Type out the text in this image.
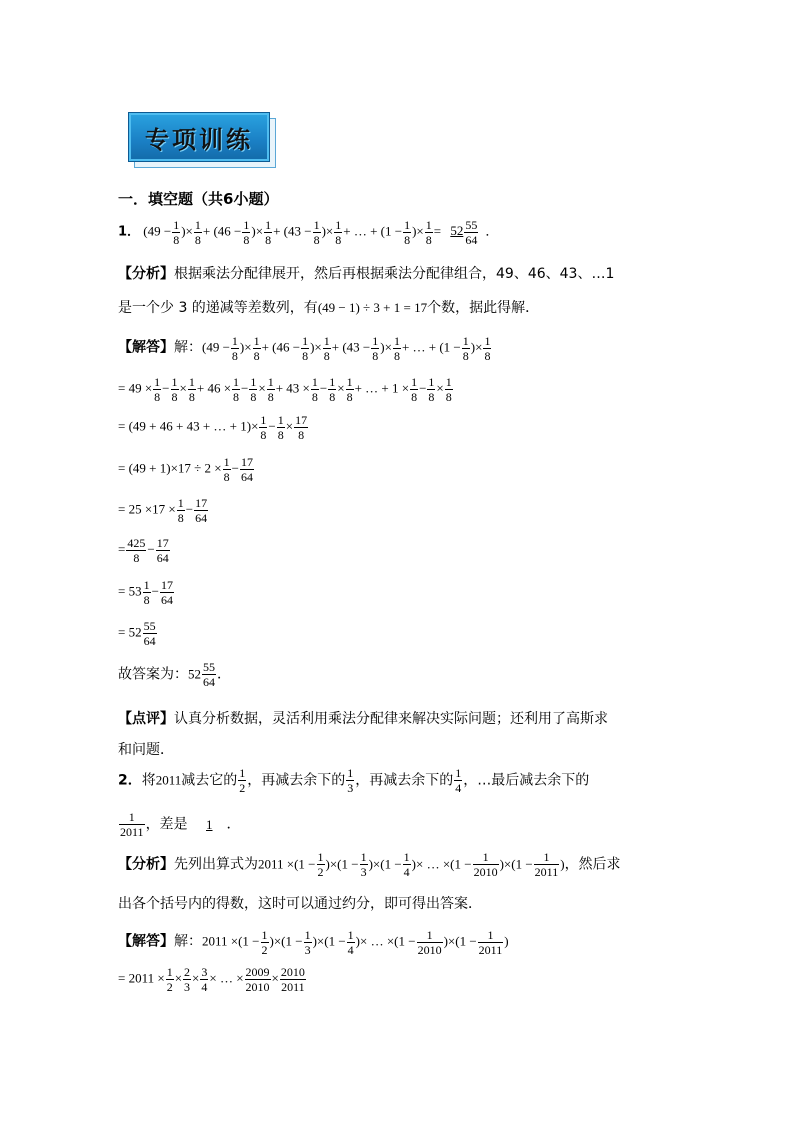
专项训练
一．填空题（共6小题）
1． ($49 - \frac{1}{8}$ )× $\frac{1}{8} + (46 - \frac{1}{8}$ )× $\frac{1}{8} + (43 - \frac{1}{8}$ )× $\frac{1}{8}$ + … + ($1 - \frac{1}{8}$ )× $\frac{1}{8} = 52 \frac{55}{64}$ ．
【分析】根据乘法分配律展开，然后再根据乘法分配律组合，49、46、43、…1
是一个少 3 的递减等差数列，有(49 − 1) ÷ 3 + 1 = 17个数，据此得解．
【解答】解：($49 - \frac{1}{8}$ )× $\frac{1}{8} + (46 - \frac{1}{8}$ )× $\frac{1}{8} + (43 - \frac{1}{8}$ )× $\frac{1}{8}$ + … + ($1 - \frac{1}{8}$ )× $\frac{1}{8}$
= $49 \times \frac{1}{8} - \frac{1}{8} \times \frac{1}{8} + 46 \times \frac{1}{8} - \frac{1}{8} \times \frac{1}{8} + 43 \times \frac{1}{8} - \frac{1}{8} \times \frac{1}{8}$ + … + $1 \times \frac{1}{8} - \frac{1}{8} \times \frac{1}{8}$
= (49 + 46 + 43 + … + $1)\times \frac{1}{8} - \frac{1}{8} \times \frac{17}{8}$
= $(49 + 1)\times 17 \div 2 \times \frac{1}{8} - \frac{17}{64}$
= $25 \times 17 \times \frac{1}{8} - \frac{17}{64}$
= $\frac{425}{8} - \frac{17}{64}$
= $53 \frac{1}{8} - \frac{17}{64}$
= $52 \frac{55}{64}$
故答案为：$52 \frac{55}{64}$ ．
【点评】认真分析数据，灵活利用乘法分配律来解决实际问题；还利用了高斯求
和问题．
2．将2011减去它的 $\frac{1}{2}$ ，再减去余下的 $\frac{1}{3}$ ，再减去余下的 $\frac{1}{4}$ ，…最后减去余下的
$\frac{1}{2011}$ ，差是 1 ．
【分析】先列出算式为$2011 \times(1 - \frac{1}{2} )\times(1 - \frac{1}{3} )\times(1 - \frac{1}{4}$ )× … $\times(1 - \frac{1}{2010} )\times(1 - \frac{1}{2011}$ )，然后求
出各个括号内的得数，这时可以通过约分，即可得出答案．
【解答】解：$2011 \times(1 - \frac{1}{2} )\times(1 - \frac{1}{3} )\times(1 - \frac{1}{4}$ )× … $\times(1 - \frac{1}{2010} )\times(1 - \frac{1}{2011}$ )
= $2011 \times \frac{1}{2} \times \frac{2}{3} \times \frac{3}{4}$ × … × $\frac{2009}{2010} \times \frac{2010}{2011}$
